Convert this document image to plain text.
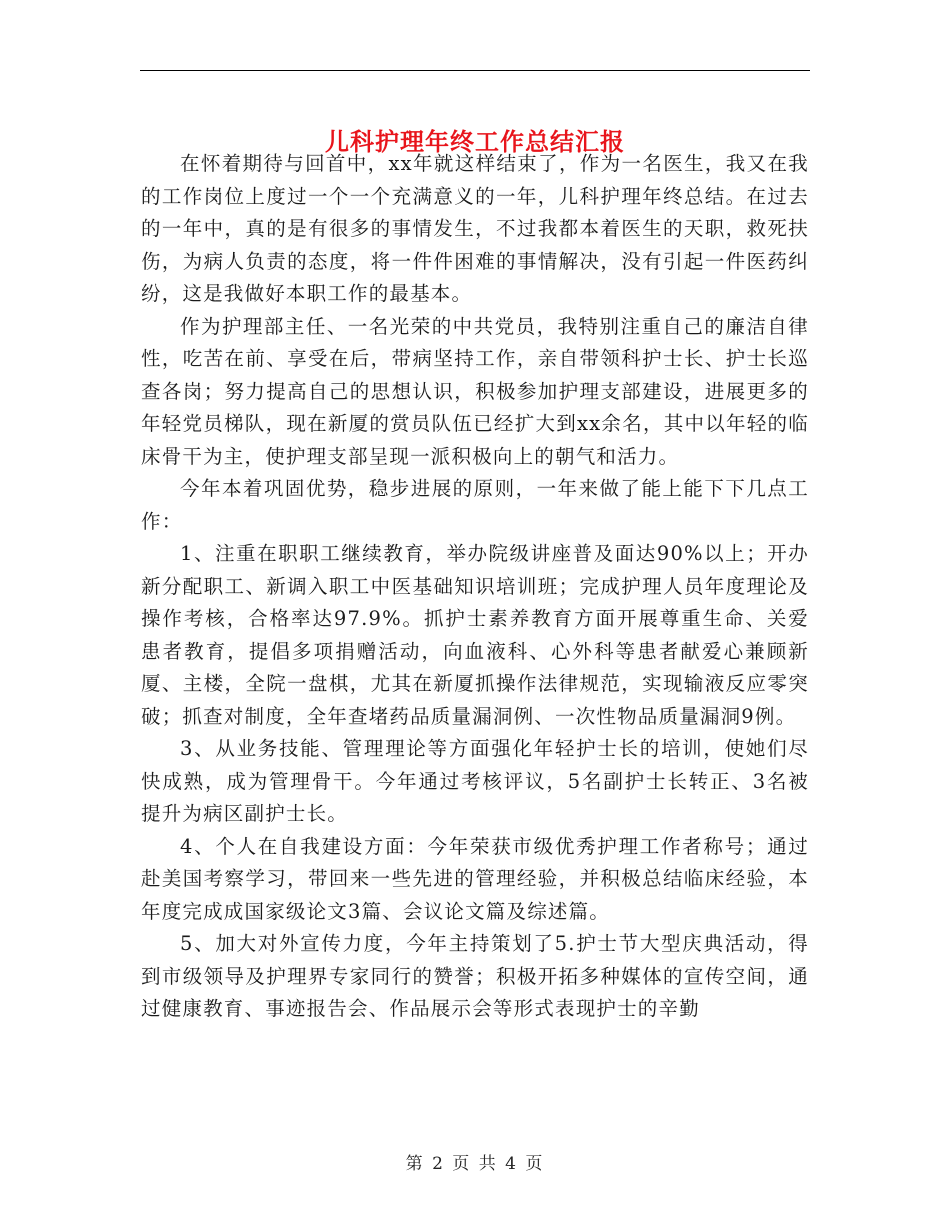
儿科护理年终工作总结汇报

在怀着期待与回首中，xx年就这样结束了，作为一名医生，我又在我的工作岗位上度过一个一个充满意义的一年，儿科护理年终总结。在过去的一年中，真的是有很多的事情发生，不过我都本着医生的天职，救死扶伤，为病人负责的态度，将一件件困难的事情解决，没有引起一件医药纠纷，这是我做好本职工作的最基本。

作为护理部主任、一名光荣的中共党员，我特别注重自己的廉洁自律性，吃苦在前、享受在后，带病坚持工作，亲自带领科护士长、护士长巡查各岗；努力提高自己的思想认识，积极参加护理支部建设，进展更多的年轻党员梯队，现在新厦的赏员队伍已经扩大到xx余名，其中以年轻的临床骨干为主，使护理支部呈现一派积极向上的朝气和活力。

今年本着巩固优势，稳步进展的原则，一年来做了能上能下下几点工作：

1、注重在职职工继续教育，举办院级讲座普及面达90%以上；开办新分配职工、新调入职工中医基础知识培训班；完成护理人员年度理论及操作考核，合格率达97.9%。抓护士素养教育方面开展尊重生命、关爱患者教育，提倡多项捐赠活动，向血液科、心外科等患者献爱心兼顾新厦、主楼，全院一盘棋，尤其在新厦抓操作法律规范，实现输液反应零突破；抓查对制度，全年查堵药品质量漏洞例、一次性物品质量漏洞9例。

3、从业务技能、管理理论等方面强化年轻护士长的培训，使她们尽快成熟，成为管理骨干。今年通过考核评议，5名副护士长转正、3名被提升为病区副护士长。

4、个人在自我建设方面：今年荣获市级优秀护理工作者称号；通过赴美国考察学习，带回来一些先进的管理经验，并积极总结临床经验，本年度完成成国家级论文3篇、会议论文篇及综述篇。

5、加大对外宣传力度，今年主持策划了5.护士节大型庆典活动，得到市级领导及护理界专家同行的赞誉；积极开拓多种媒体的宣传空间，通过健康教育、事迹报告会、作品展示会等形式表现护士的辛勤

第 2 页 共 4 页
